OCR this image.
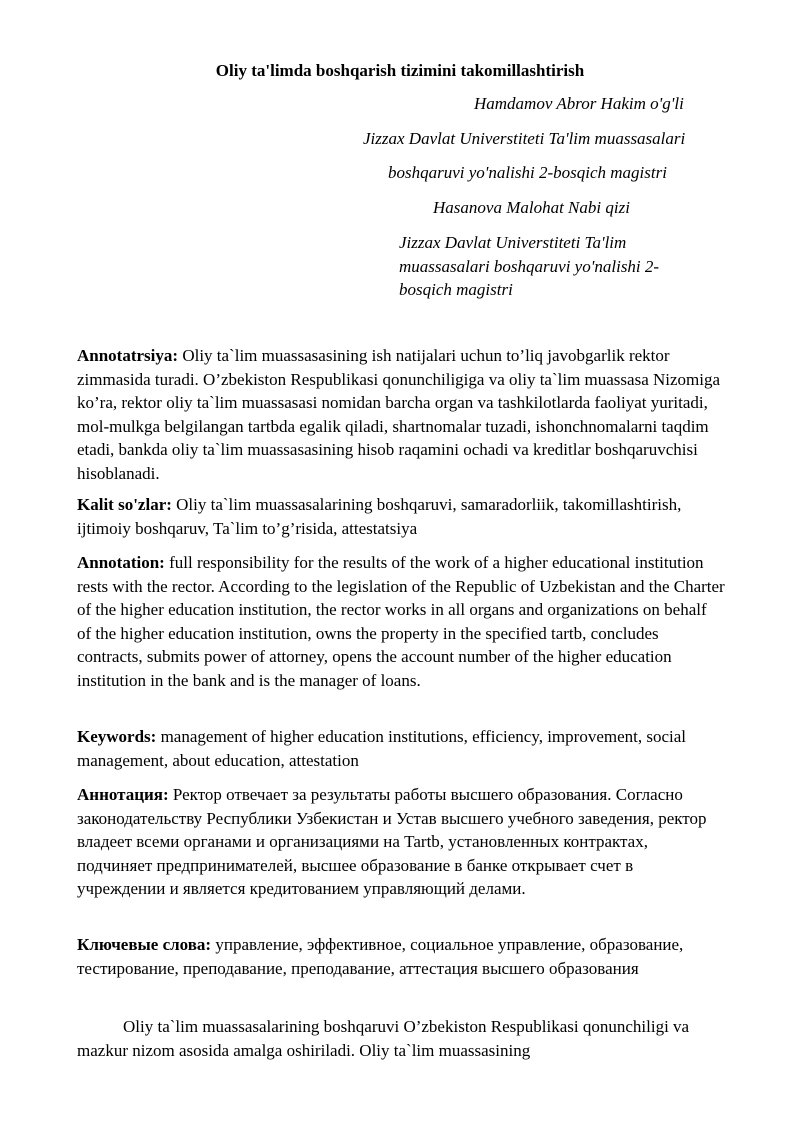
Oliy ta'limda boshqarish tizimini takomillashtirish

Hamdamov Abror Hakim o'g'li

Jizzax Davlat Universtiteti Ta'lim muassasalari

boshqaruvi yo'nalishi 2-bosqich magistri

Hasanova Malohat Nabi qizi

Jizzax Davlat Universtiteti Ta'lim muassasalari boshqaruvi yo'nalishi 2-bosqich magistri

Annotatrsiya: Oliy ta`lim muassasasining ish natijalari uchun to’liq javobgarlik rektor zimmasida turadi. O’zbekiston Respublikasi qonunchiligiga va oliy ta`lim muassasa Nizomiga ko’ra, rektor oliy ta`lim muassasasi nomidan barcha organ va tashkilotlarda faoliyat yuritadi, mol-mulkga belgilangan tartbda egalik qiladi, shartnomalar tuzadi, ishonchnomalarni taqdim etadi, bankda oliy ta`lim muassasasining hisob raqamini ochadi va kreditlar boshqaruvchisi hisoblanadi.

Kalit so'zlar: Oliy ta`lim muassasalarining boshqaruvi, samaradorliik, takomillashtirish, ijtimoiy boshqaruv, Ta`lim to’g’risida, attestatsiya

Annotation: full responsibility for the results of the work of a higher educational institution rests with the rector. According to the legislation of the Republic of Uzbekistan and the Charter of the higher education institution, the rector works in all organs and organizations on behalf of the higher education institution, owns the property in the specified tartb, concludes contracts, submits power of attorney, opens the account number of the higher education institution in the bank and is the manager of loans.

Keywords: management of higher education institutions, efficiency, improvement, social management, about education, attestation

Аннотация: Ректор отвечает за результаты работы высшего образования. Согласно законодательству Республики Узбекистан и Устав высшего учебного заведения, ректор владеет всеми органами и организациями на Tartb, установленных контрактах, подчиняет предпринимателей, высшее образование в банке открывает счет в учреждении и является кредитованием управляющий делами.

Ключевые слова: управление, эффективное, социальное управление, образование, тестирование, преподавание, преподавание, аттестация высшего образования

Oliy ta`lim muassasalarining boshqaruvi O’zbekiston Respublikasi qonunchiligi va mazkur nizom asosida amalga oshiriladi. Oliy ta`lim muassasining
